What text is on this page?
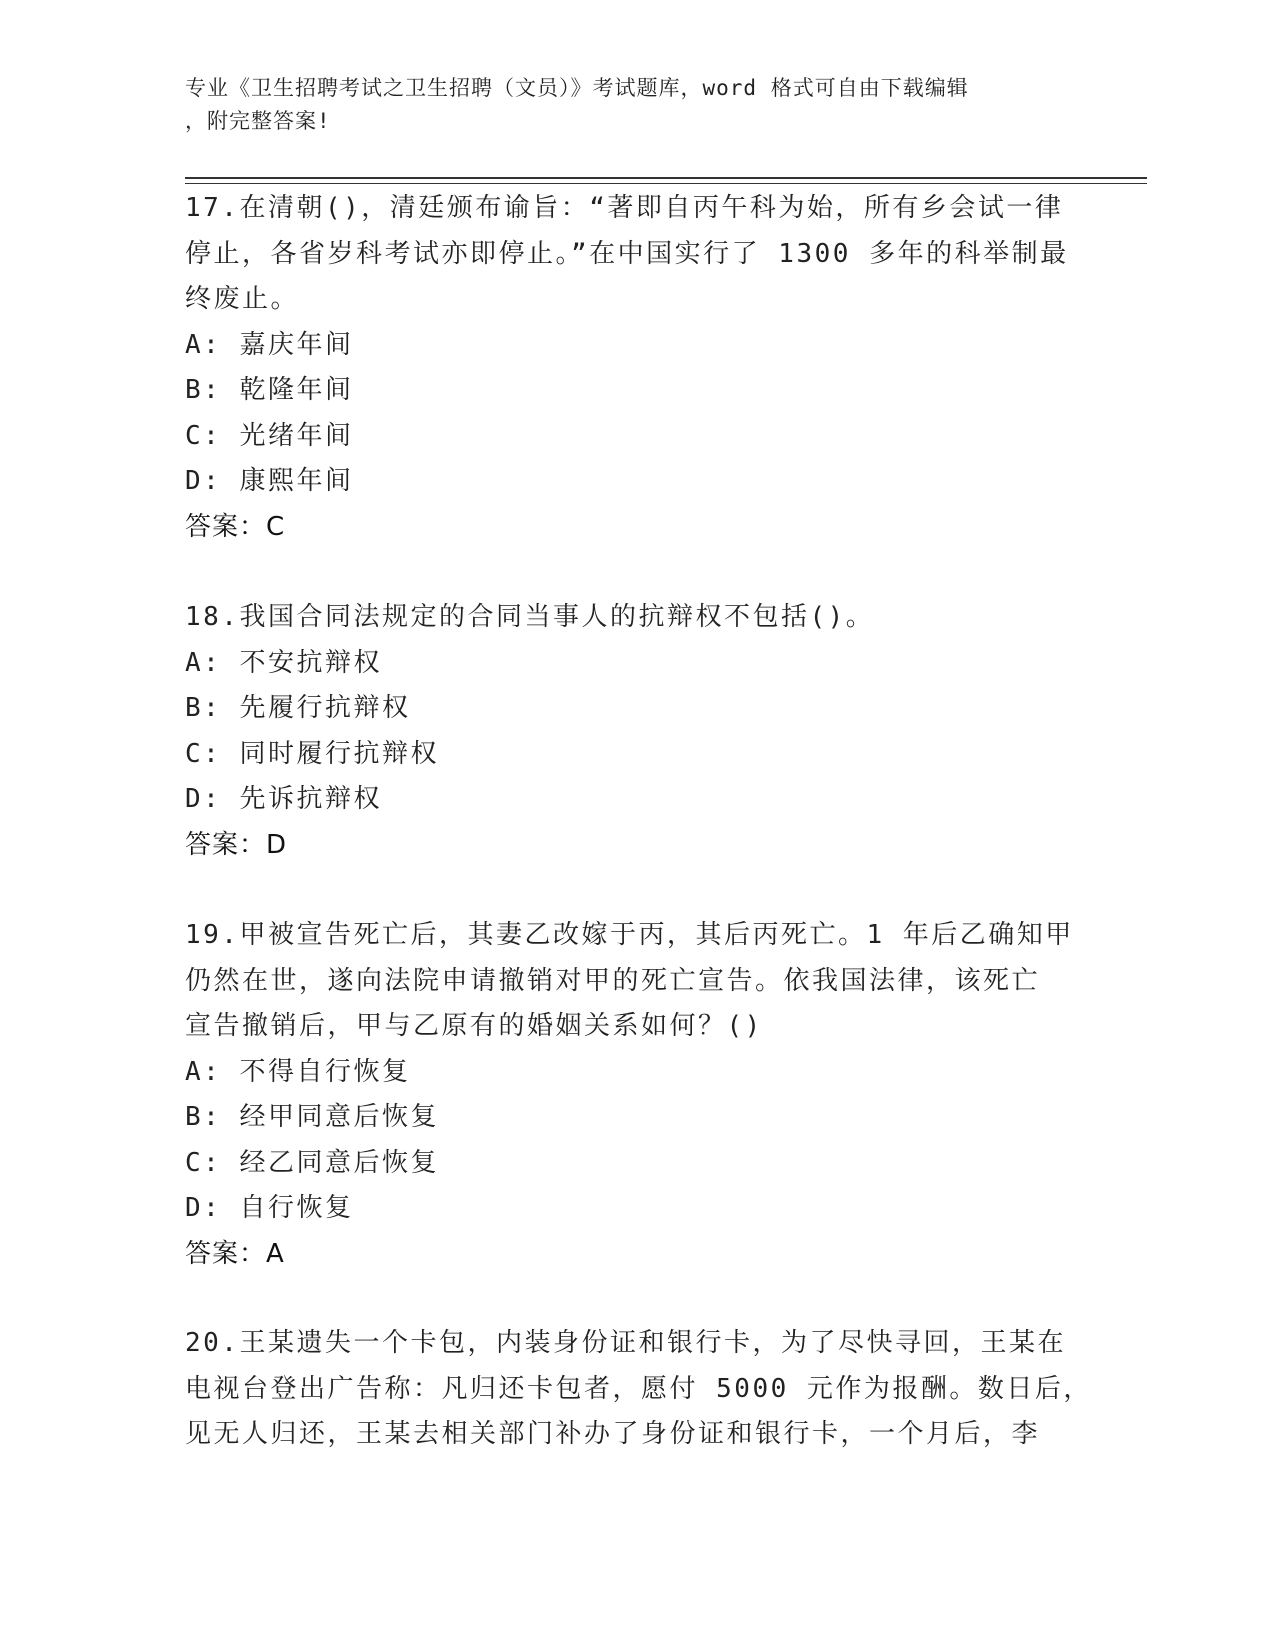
专业《卫生招聘考试之卫生招聘（文员）》考试题库，word 格式可自由下载编辑
，附完整答案!
17.在清朝()，清廷颁布谕旨：“著即自丙午科为始，所有乡会试一律
停止，各省岁科考试亦即停止。”在中国实行了 1300 多年的科举制最
终废止。
A: 嘉庆年间
B: 乾隆年间
C: 光绪年间
D: 康熙年间
答案：C
18.我国合同法规定的合同当事人的抗辩权不包括()。
A: 不安抗辩权
B: 先履行抗辩权
C: 同时履行抗辩权
D: 先诉抗辩权
答案：D
19.甲被宣告死亡后，其妻乙改嫁于丙，其后丙死亡。1 年后乙确知甲
仍然在世，遂向法院申请撤销对甲的死亡宣告。依我国法律，该死亡
宣告撤销后，甲与乙原有的婚姻关系如何？()
A: 不得自行恢复
B: 经甲同意后恢复
C: 经乙同意后恢复
D: 自行恢复
答案：A
20.王某遗失一个卡包，内装身份证和银行卡，为了尽快寻回，王某在
电视台登出广告称：凡归还卡包者，愿付 5000 元作为报酬。数日后，
见无人归还，王某去相关部门补办了身份证和银行卡，一个月后，李
